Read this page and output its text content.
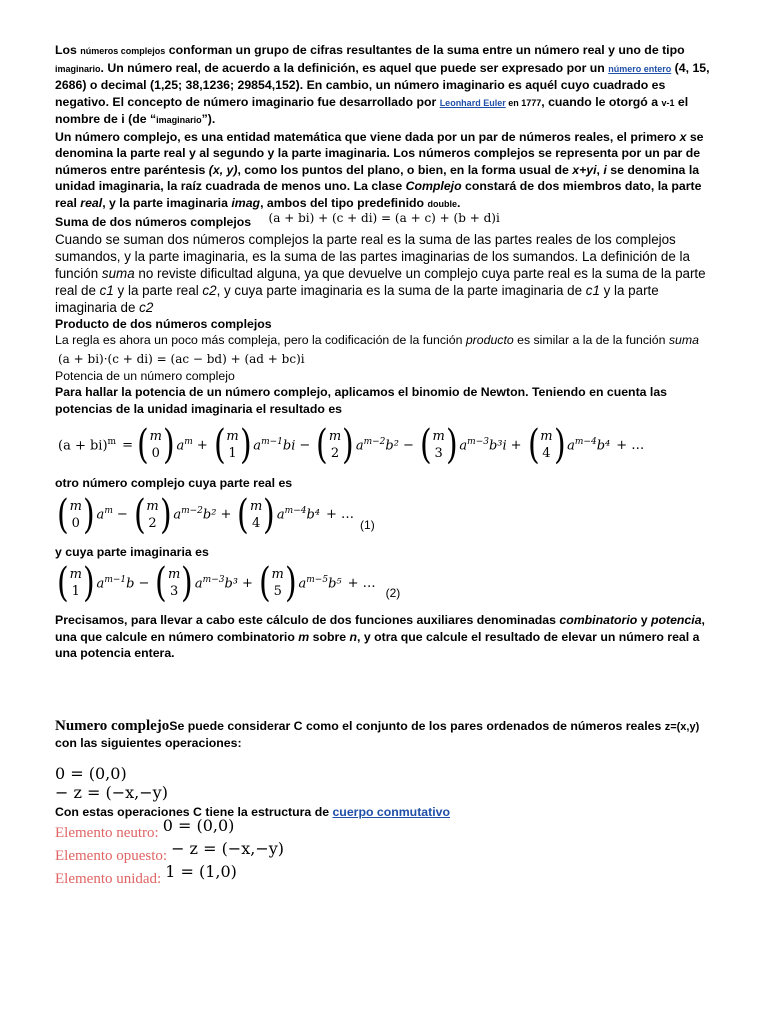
Los números complejos conforman un grupo de cifras resultantes de la suma entre un número real y uno de tipo imaginario. Un número real, de acuerdo a la definición, es aquel que puede ser expresado por un número entero (4, 15, 2686) o decimal (1,25; 38,1236; 29854,152). En cambio, un número imaginario es aquél cuyo cuadrado es negativo. El concepto de número imaginario fue desarrollado por Leonhard Euler en 1777, cuando le otorgó a v-1 el nombre de i (de “imaginario”).

Un número complejo, es una entidad matemática que viene dada por un par de números reales, el primero x se denomina la parte real y al segundo y la parte imaginaria. Los números complejos se representa por un par de números entre paréntesis (x, y), como los puntos del plano, o bien, en la forma usual de x+yi, i se denomina la unidad imaginaria, la raíz cuadrada de menos uno. La clase Complejo constará de dos miembros dato, la parte real real, y la parte imaginaria imag, ambos del tipo predefinido double.

Suma de dos números complejos (a + bi) + (c + di) = (a + c) + (b + d)i

Cuando se suman dos números complejos la parte real es la suma de las partes reales de los complejos sumandos, y la parte imaginaria, es la suma de las partes imaginarias de los sumandos. La definición de la función suma no reviste dificultad alguna, ya que devuelve un complejo cuya parte real es la suma de la parte real de c1 y la parte real c2, y cuya parte imaginaria es la suma de la parte imaginaria de c1 y la parte imaginaria de c2

Producto de dos números complejos

La regla es ahora un poco más compleja, pero la codificación de la función producto es similar a la de la función suma

(a + bi)·(c + di) = (ac − bd) + (ad + bc)i

Potencia de un número complejo

Para hallar la potencia de un número complejo, aplicamos el binomio de Newton. Teniendo en cuenta las potencias de la unidad imaginaria el resultado es

(a + bi)$^m$ = ( m
0 ) $a^m$ + ( m
1 ) $a^{m-1}bi$ − ( m
2 ) $a^{m-2}b^2$ − ( m
3 ) $a^{m-3}b^3i$ + ( m
4 ) $a^{m-4}b^4$ + …

otro número complejo cuya parte real es

( m
0 ) $a^m$ − ( m
2 ) $a^{m-2}b^2$ + ( m
4 ) $a^{m-4}b^4$ + …
(1)

y cuya parte imaginaria es

( m
1 ) $a^{m-1}b$ − ( m
3 ) $a^{m-3}b^3$ + ( m
5 ) $a^{m-5}b^5$ + …
(2)

Precisamos, para llevar a cabo este cálculo de dos funciones auxiliares denominadas combinatorio y potencia, una que calcule en número combinatorio m sobre n, y otra que calcule el resultado de elevar un número real a una potencia entera.

Numero complejoSe puede considerar C como el conjunto de los pares ordenados de números reales z=(x,y) con las siguientes operaciones:

0 = (0,0)
− z = (−x,−y)

Con estas operaciones C tiene la estructura de cuerpo conmutativo

Elemento neutro: 0 = (0,0)
Elemento opuesto: − z = (−x,−y)
Elemento unidad: 1 = (1,0)
